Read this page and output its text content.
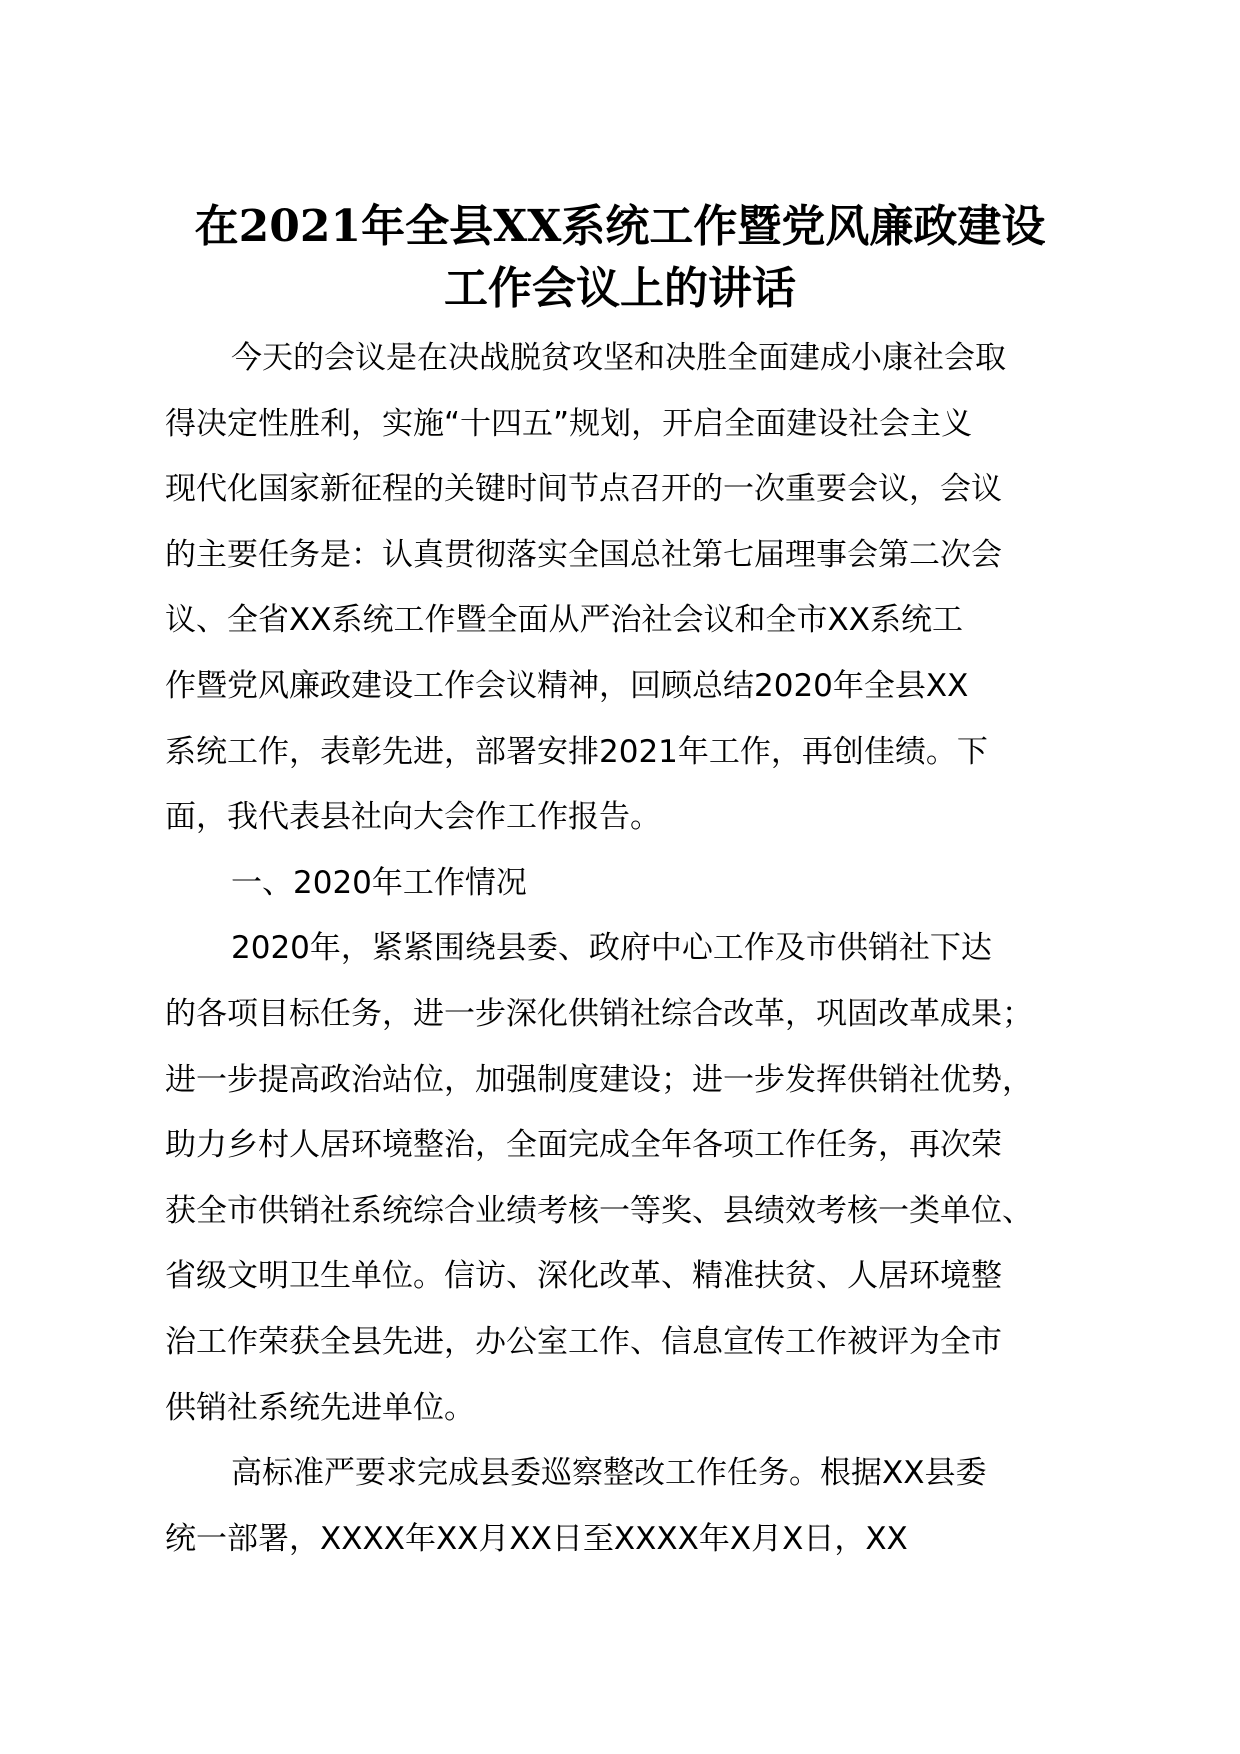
在2021年全县XX系统工作暨党风廉政建设
工作会议上的讲话
今天的会议是在决战脱贫攻坚和决胜全面建成小康社会取
得决定性胜利，实施“十四五”规划，开启全面建设社会主义
现代化国家新征程的关键时间节点召开的一次重要会议，会议
的主要任务是：认真贯彻落实全国总社第七届理事会第二次会
议、全省XX系统工作暨全面从严治社会议和全市XX系统工
作暨党风廉政建设工作会议精神，回顾总结2020年全县XX
系统工作，表彰先进，部署安排2021年工作，再创佳绩。下
面，我代表县社向大会作工作报告。
一、2020年工作情况
2020年，紧紧围绕县委、政府中心工作及市供销社下达
的各项目标任务，进一步深化供销社综合改革，巩固改革成果；
进一步提高政治站位，加强制度建设；进一步发挥供销社优势，
助力乡村人居环境整治，全面完成全年各项工作任务，再次荣
获全市供销社系统综合业绩考核一等奖、县绩效考核一类单位、
省级文明卫生单位。信访、深化改革、精准扶贫、人居环境整
治工作荣获全县先进，办公室工作、信息宣传工作被评为全市
供销社系统先进单位。
高标准严要求完成县委巡察整改工作任务。根据XX县委
统一部署，XXXX年XX月XX日至XXXX年X月X日，XX
